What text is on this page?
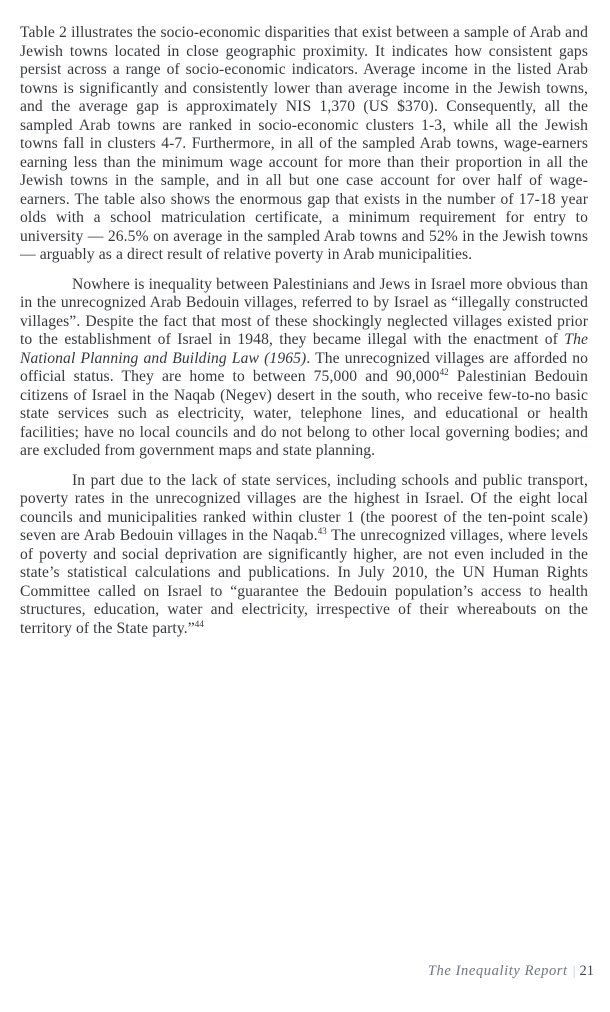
Table 2 illustrates the socio-economic disparities that exist between a sample of Arab and Jewish towns located in close geographic proximity. It indicates how consistent gaps persist across a range of socio-economic indicators. Average income in the listed Arab towns is significantly and consistently lower than average income in the Jewish towns, and the average gap is approximately NIS 1,370 (US $370). Consequently, all the sampled Arab towns are ranked in socio-economic clusters 1-3, while all the Jewish towns fall in clusters 4-7. Furthermore, in all of the sampled Arab towns, wage-earners earning less than the minimum wage account for more than their proportion in all the Jewish towns in the sample, and in all but one case account for over half of wage-earners. The table also shows the enormous gap that exists in the number of 17-18 year olds with a school matriculation certificate, a minimum requirement for entry to university — 26.5% on average in the sampled Arab towns and 52% in the Jewish towns — arguably as a direct result of relative poverty in Arab municipalities.

Nowhere is inequality between Palestinians and Jews in Israel more obvious than in the unrecognized Arab Bedouin villages, referred to by Israel as “illegally constructed villages”. Despite the fact that most of these shockingly neglected villages existed prior to the establishment of Israel in 1948, they became illegal with the enactment of The National Planning and Building Law (1965). The unrecognized villages are afforded no official status. They are home to between 75,000 and 90,000$^{42}$ Palestinian Bedouin citizens of Israel in the Naqab (Negev) desert in the south, who receive few-to-no basic state services such as electricity, water, telephone lines, and educational or health facilities; have no local councils and do not belong to other local governing bodies; and are excluded from government maps and state planning.

In part due to the lack of state services, including schools and public transport, poverty rates in the unrecognized villages are the highest in Israel. Of the eight local councils and municipalities ranked within cluster 1 (the poorest of the ten-point scale) seven are Arab Bedouin villages in the Naqab.$^{43}$ The unrecognized villages, where levels of poverty and social deprivation are significantly higher, are not even included in the state’s statistical calculations and publications. In July 2010, the UN Human Rights Committee called on Israel to “guarantee the Bedouin population’s access to health structures, education, water and electricity, irrespective of their whereabouts on the territory of the State party.”$^{44}$

The Inequality Report | 21
